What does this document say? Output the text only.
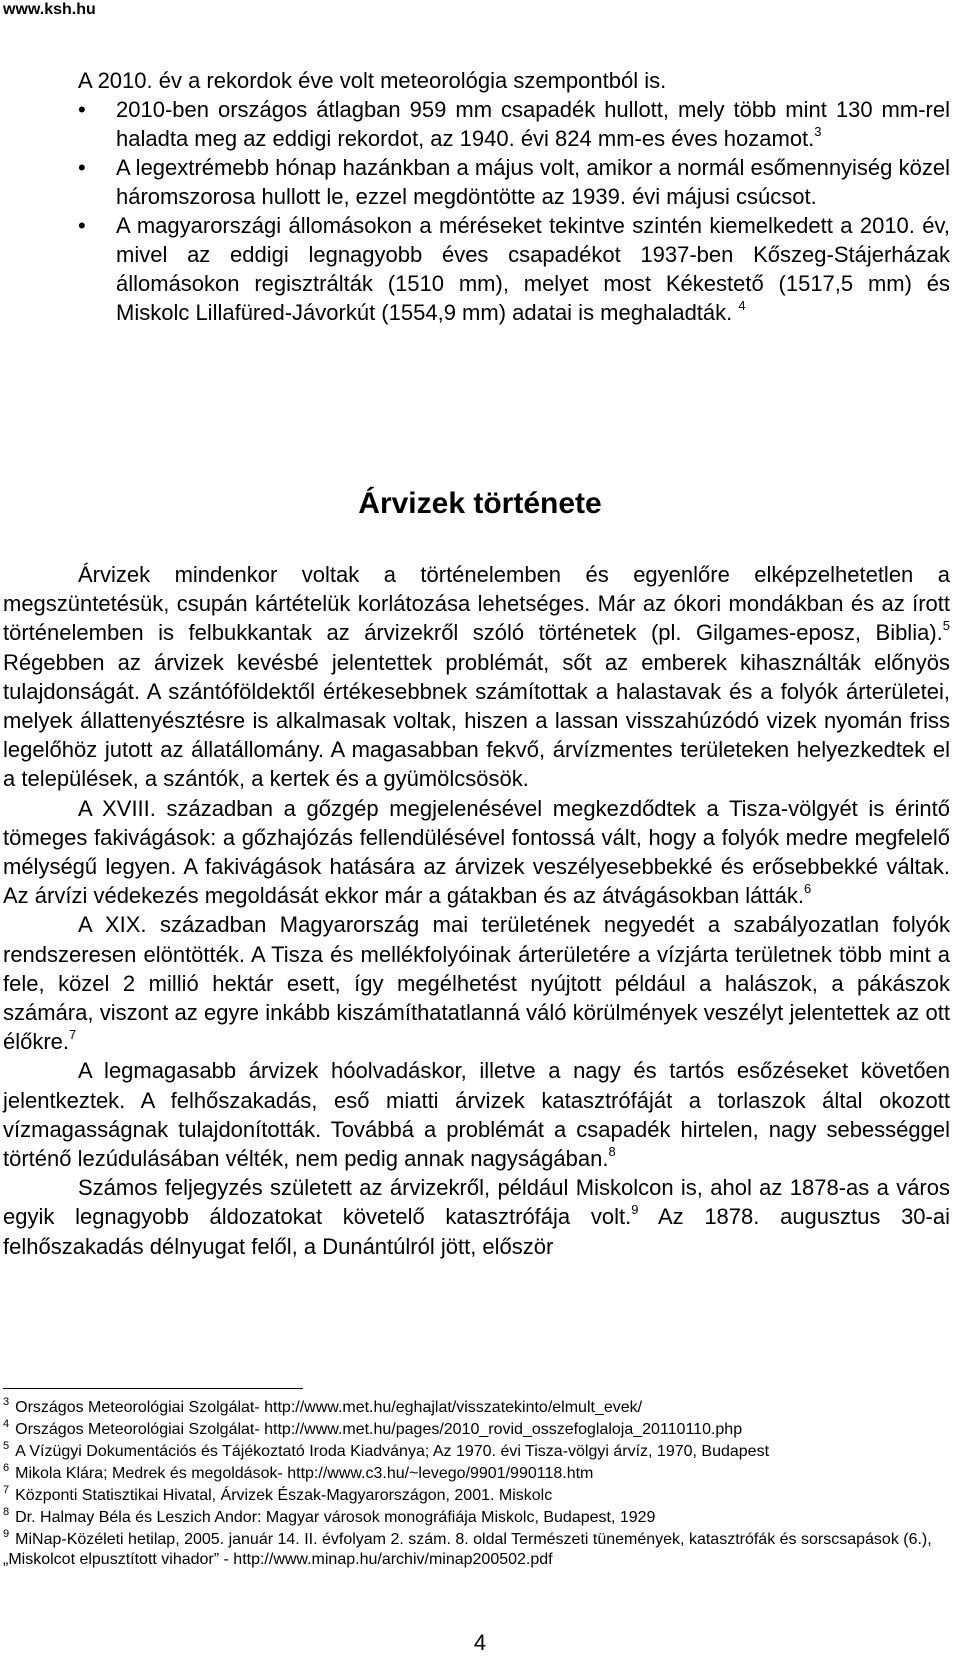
www.ksh.hu

A 2010. év a rekordok éve volt meteorológia szempontból is.

• 2010-ben országos átlagban 959 mm csapadék hullott, mely több mint 130 mm-rel haladta meg az eddigi rekordot, az 1940. évi 824 mm-es éves hozamot.$^3$
• A legextrémebb hónap hazánkban a május volt, amikor a normál esőmennyiség közel háromszorosa hullott le, ezzel megdöntötte az 1939. évi májusi csúcsot.
• A magyarországi állomásokon a méréseket tekintve szintén kiemelkedett a 2010. év, mivel az eddigi legnagyobb éves csapadékot 1937-ben Kőszeg-Stájerházak állomásokon regisztrálták (1510 mm), melyet most Kékestető (1517,5 mm) és Miskolc Lillafüred-Jávorkút (1554,9 mm) adatai is meghaladták. $^4$
Árvizek története

Árvizek mindenkor voltak a történelemben és egyenlőre elképzelhetetlen a megszüntetésük, csupán kártételük korlátozása lehetséges. Már az ókori mondákban és az írott történelemben is felbukkantak az árvizekről szóló történetek (pl. Gilgames-eposz, Biblia).$^5$ Régebben az árvizek kevésbé jelentettek problémát, sőt az emberek kihasználták előnyös tulajdonságát. A szántóföldektől értékesebbnek számítottak a halastavak és a folyók árterületei, melyek állattenyésztésre is alkalmasak voltak, hiszen a lassan visszahúzódó vizek nyomán friss legelőhöz jutott az állatállomány. A magasabban fekvő, árvízmentes területeken helyezkedtek el a települések, a szántók, a kertek és a gyümölcsösök.

A XVIII. században a gőzgép megjelenésével megkezdődtek a Tisza-völgyét is érintő tömeges fakivágások: a gőzhajózás fellendülésével fontossá vált, hogy a folyók medre megfelelő mélységű legyen. A fakivágások hatására az árvizek veszélyesebbekké és erősebbekké váltak. Az árvízi védekezés megoldását ekkor már a gátakban és az átvágásokban látták.$^6$

A XIX. században Magyarország mai területének negyedét a szabályozatlan folyók rendszeresen elöntötték. A Tisza és mellékfolyóinak árterületére a vízjárta területnek több mint a fele, közel 2 millió hektár esett, így megélhetést nyújtott például a halászok, a pákászok számára, viszont az egyre inkább kiszámíthatatlanná váló körülmények veszélyt jelentettek az ott élőkre.$^7$

A legmagasabb árvizek hóolvadáskor, illetve a nagy és tartós esőzéseket követően jelentkeztek. A felhőszakadás, eső miatti árvizek katasztrófáját a torlaszok által okozott vízmagasságnak tulajdonították. Továbbá a problémát a csapadék hirtelen, nagy sebességgel történő lezúdulásában vélték, nem pedig annak nagyságában.$^8$

Számos feljegyzés született az árvizekről, például Miskolcon is, ahol az 1878-as a város egyik legnagyobb áldozatokat követelő katasztrófája volt.$^9$ Az 1878. augusztus 30-ai felhőszakadás délnyugat felől, a Dunántúlról jött, először

$^3$ Országos Meteorológiai Szolgálat- http://www.met.hu/eghajlat/visszatekinto/elmult_evek/
$^4$ Országos Meteorológiai Szolgálat- http://www.met.hu/pages/2010_rovid_osszefoglaloja_20110110.php
$^5$ A Vízügyi Dokumentációs és Tájékoztató Iroda Kiadványa; Az 1970. évi Tisza-völgyi árvíz, 1970, Budapest
$^6$ Mikola Klára; Medrek és megoldások- http://www.c3.hu/~levego/9901/990118.htm
$^7$ Központi Statisztikai Hivatal, Árvizek Észak-Magyarországon, 2001. Miskolc
$^8$ Dr. Halmay Béla és Leszich Andor: Magyar városok monográfiája Miskolc, Budapest, 1929
$^9$ MiNap-Közéleti hetilap, 2005. január 14. II. évfolyam 2. szám. 8. oldal Természeti tünemények, katasztrófák és sorscsapások (6.), „Miskolcot elpusztított vihador” - http://www.minap.hu/archiv/minap200502.pdf
4
